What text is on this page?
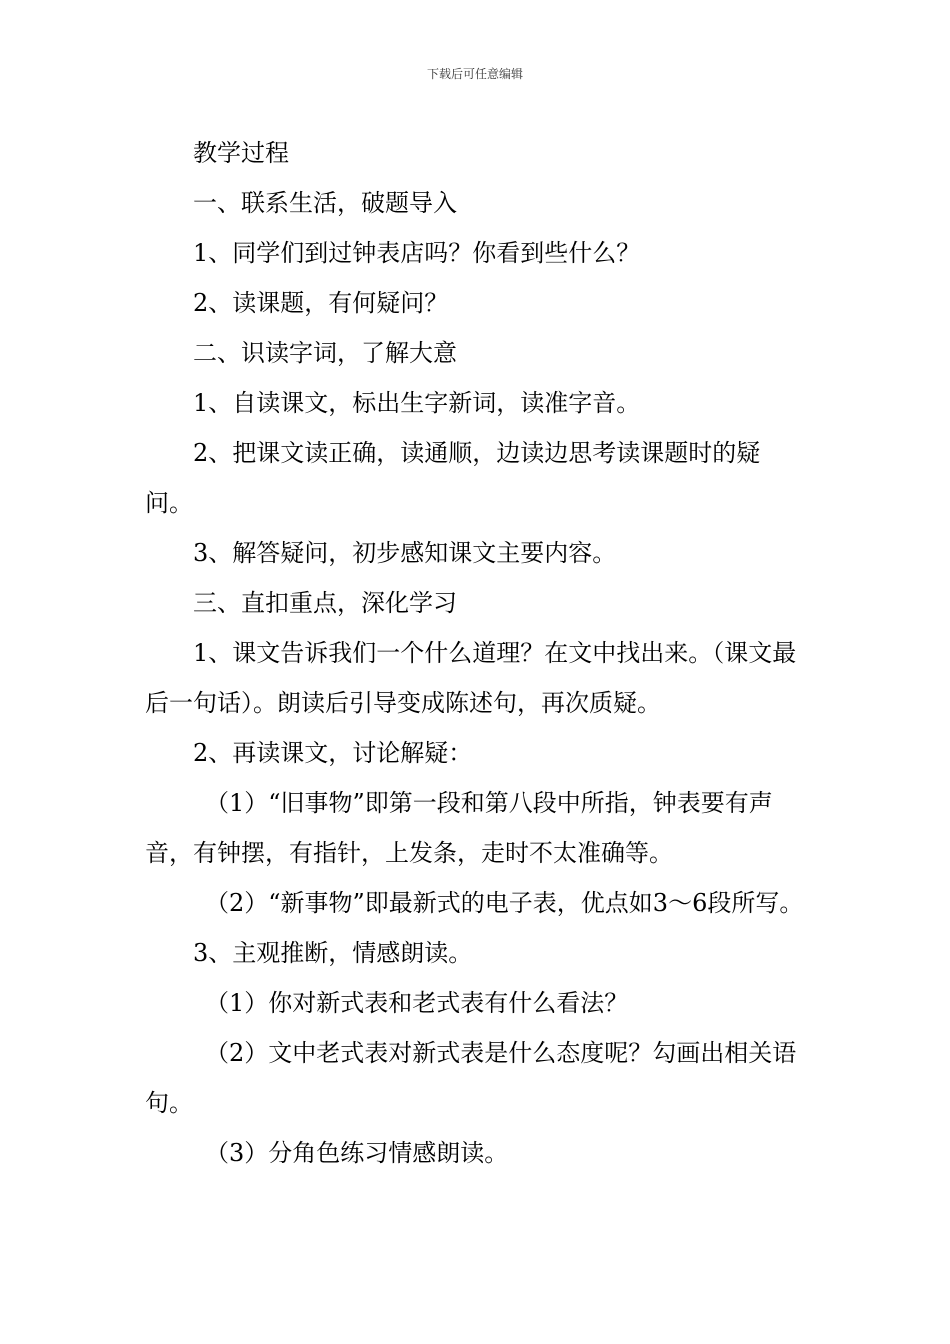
下载后可任意编辑

教学过程

一、联系生活，破题导入

1、同学们到过钟表店吗？你看到些什么？

2、读课题，有何疑问？

二、识读字词，了解大意

1、自读课文，标出生字新词，读准字音。

2、把课文读正确，读通顺，边读边思考读课题时的疑问。

3、解答疑问，初步感知课文主要内容。

三、直扣重点，深化学习

1、课文告诉我们一个什么道理？在文中找出来。（课文最后一句话）。朗读后引导变成陈述句，再次质疑。

2、再读课文，讨论解疑：

（1）“旧事物”即第一段和第八段中所指，钟表要有声音，有钟摆，有指针，上发条，走时不太准确等。

（2）“新事物”即最新式的电子表，优点如3～6段所写。

3、主观推断，情感朗读。

（1）你对新式表和老式表有什么看法？

（2）文中老式表对新式表是什么态度呢？勾画出相关语句。

（3）分角色练习情感朗读。
